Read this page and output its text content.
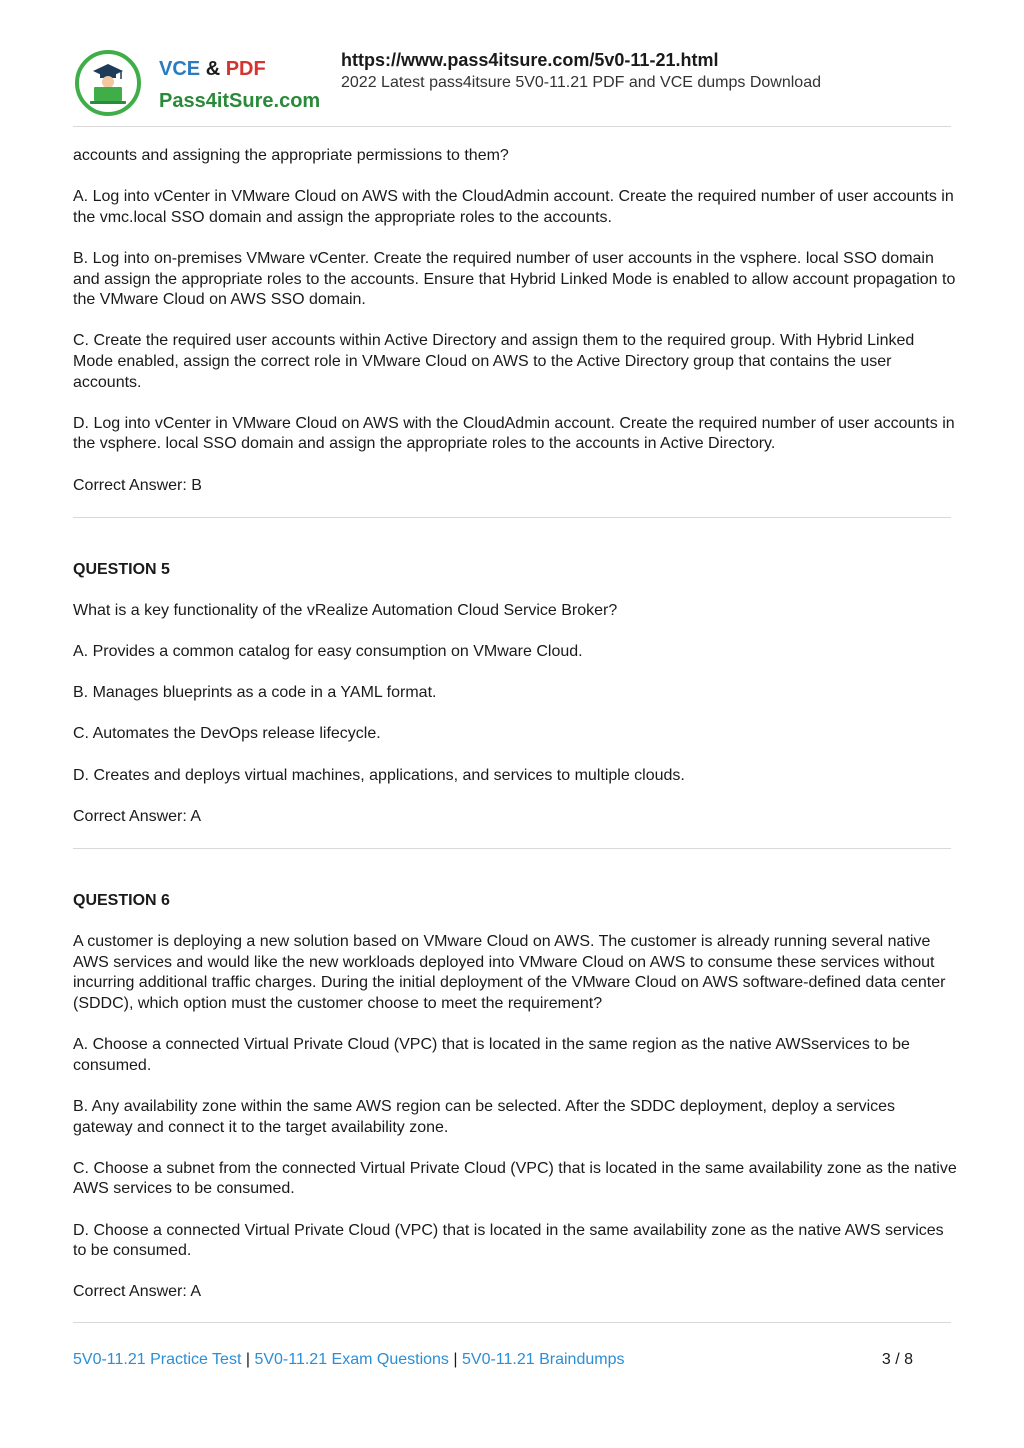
VCE & PDF
Pass4itSure.com
https://www.pass4itsure.com/5v0-11-21.html
2022 Latest pass4itsure 5V0-11.21 PDF and VCE dumps Download

accounts and assigning the appropriate permissions to them?

A. Log into vCenter in VMware Cloud on AWS with the CloudAdmin account. Create the required number of user accounts in the vmc.local SSO domain and assign the appropriate roles to the accounts.

B. Log into on-premises VMware vCenter. Create the required number of user accounts in the vsphere. local SSO domain and assign the appropriate roles to the accounts. Ensure that Hybrid Linked Mode is enabled to allow account propagation to the VMware Cloud on AWS SSO domain.

C. Create the required user accounts within Active Directory and assign them to the required group. With Hybrid Linked Mode enabled, assign the correct role in VMware Cloud on AWS to the Active Directory group that contains the user accounts.

D. Log into vCenter in VMware Cloud on AWS with the CloudAdmin account. Create the required number of user accounts in the vsphere. local SSO domain and assign the appropriate roles to the accounts in Active Directory.

Correct Answer: B

QUESTION 5

What is a key functionality of the vRealize Automation Cloud Service Broker?

A. Provides a common catalog for easy consumption on VMware Cloud.

B. Manages blueprints as a code in a YAML format.

C. Automates the DevOps release lifecycle.

D. Creates and deploys virtual machines, applications, and services to multiple clouds.

Correct Answer: A

QUESTION 6

A customer is deploying a new solution based on VMware Cloud on AWS. The customer is already running several native AWS services and would like the new workloads deployed into VMware Cloud on AWS to consume these services without incurring additional traffic charges. During the initial deployment of the VMware Cloud on AWS software-defined data center (SDDC), which option must the customer choose to meet the requirement?

A. Choose a connected Virtual Private Cloud (VPC) that is located in the same region as the native AWSservices to be consumed.

B. Any availability zone within the same AWS region can be selected. After the SDDC deployment, deploy a services gateway and connect it to the target availability zone.

C. Choose a subnet from the connected Virtual Private Cloud (VPC) that is located in the same availability zone as the native AWS services to be consumed.

D. Choose a connected Virtual Private Cloud (VPC) that is located in the same availability zone as the native AWS services to be consumed.

Correct Answer: A

5V0-11.21 Practice Test | 5V0-11.21 Exam Questions | 5V0-11.21 Braindumps	3 / 8
